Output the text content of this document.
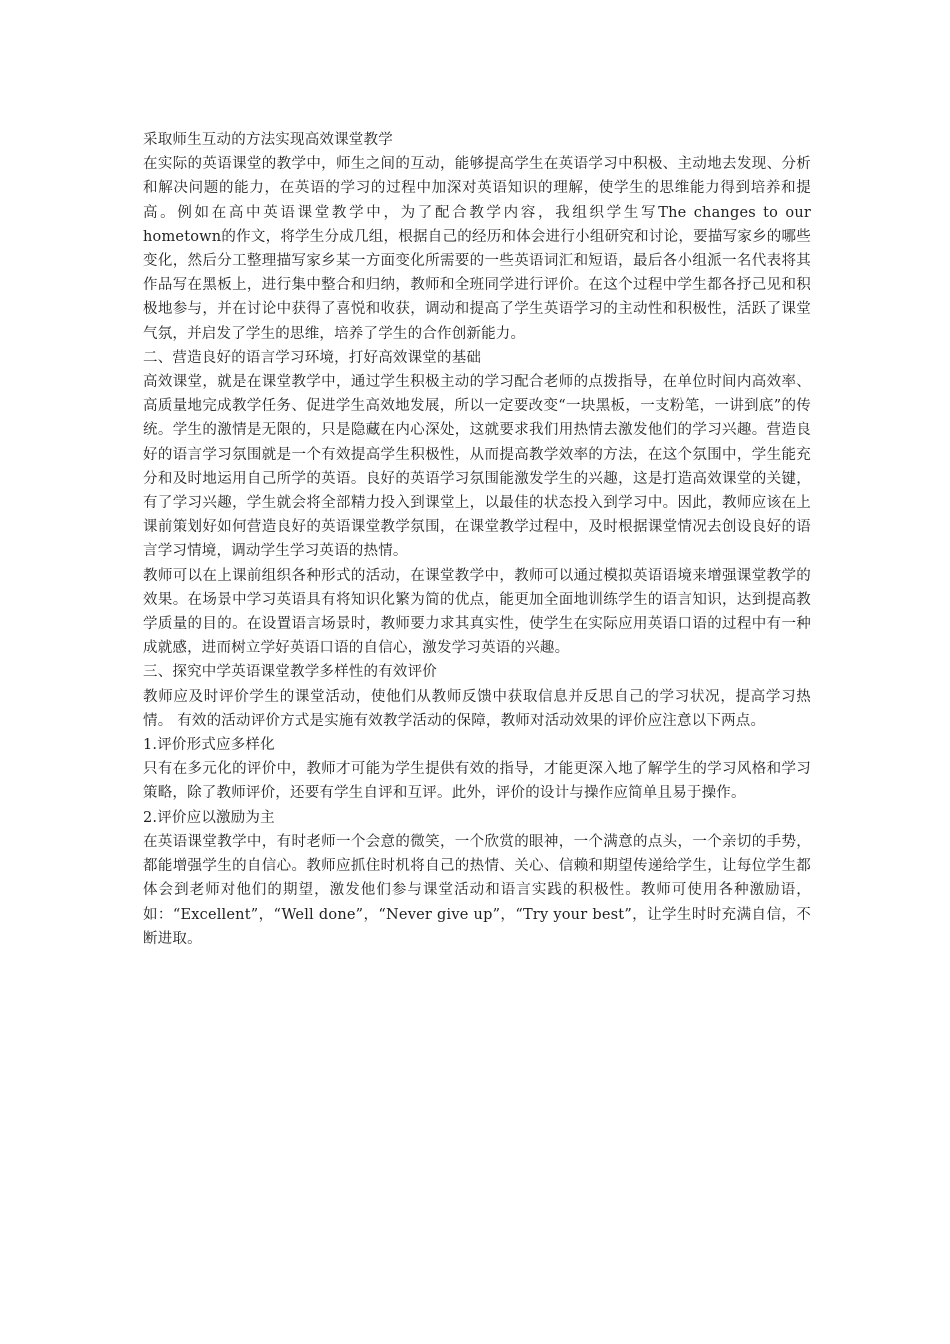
采取师生互动的方法实现高效课堂教学

在实际的英语课堂的教学中，师生之间的互动，能够提高学生在英语学习中积极、主动地去发现、分析和解决问题的能力，在英语的学习的过程中加深对英语知识的理解，使学生的思维能力得到培养和提高。例如在高中英语课堂教学中，为了配合教学内容，我组织学生写The changes to our hometown的作文，将学生分成几组，根据自己的经历和体会进行小组研究和讨论，要描写家乡的哪些变化，然后分工整理描写家乡某一方面变化所需要的一些英语词汇和短语，最后各小组派一名代表将其作品写在黑板上，进行集中整合和归纳，教师和全班同学进行评价。在这个过程中学生都各抒己见和积极地参与，并在讨论中获得了喜悦和收获，调动和提高了学生英语学习的主动性和积极性，活跃了课堂气氛，并启发了学生的思维，培养了学生的合作创新能力。

二、营造良好的语言学习环境，打好高效课堂的基础

高效课堂，就是在课堂教学中，通过学生积极主动的学习配合老师的点拨指导，在单位时间内高效率、高质量地完成教学任务、促进学生高效地发展，所以一定要改变“一块黑板，一支粉笔，一讲到底”的传统。学生的激情是无限的，只是隐藏在内心深处，这就要求我们用热情去激发他们的学习兴趣。营造良好的语言学习氛围就是一个有效提高学生积极性，从而提高教学效率的方法，在这个氛围中，学生能充分和及时地运用自己所学的英语。良好的英语学习氛围能激发学生的兴趣，这是打造高效课堂的关键，有了学习兴趣，学生就会将全部精力投入到课堂上，以最佳的状态投入到学习中。因此，教师应该在上课前策划好如何营造良好的英语课堂教学氛围，在课堂教学过程中，及时根据课堂情况去创设良好的语言学习情境，调动学生学习英语的热情。

教师可以在上课前组织各种形式的活动，在课堂教学中，教师可以通过模拟英语语境来增强课堂教学的效果。在场景中学习英语具有将知识化繁为简的优点，能更加全面地训练学生的语言知识，达到提高教学质量的目的。在设置语言场景时，教师要力求其真实性，使学生在实际应用英语口语的过程中有一种成就感，进而树立学好英语口语的自信心，激发学习英语的兴趣。

三、探究中学英语课堂教学多样性的有效评价

教师应及时评价学生的课堂活动，使他们从教师反馈中获取信息并反思自己的学习状况，提高学习热情。 有效的活动评价方式是实施有效教学活动的保障，教师对活动效果的评价应注意以下两点。

1.评价形式应多样化

只有在多元化的评价中，教师才可能为学生提供有效的指导，才能更深入地了解学生的学习风格和学习策略，除了教师评价，还要有学生自评和互评。此外，评价的设计与操作应简单且易于操作。

2.评价应以激励为主

在英语课堂教学中，有时老师一个会意的微笑，一个欣赏的眼神，一个满意的点头，一个亲切的手势，都能增强学生的自信心。教师应抓住时机将自己的热情、关心、信赖和期望传递给学生，让每位学生都体会到老师对他们的期望，激发他们参与课堂活动和语言实践的积极性。教师可使用各种激励语，如：“Excellent”，“Well done”，“Never give up”，“Try your best”，让学生时时充满自信，不断进取。
